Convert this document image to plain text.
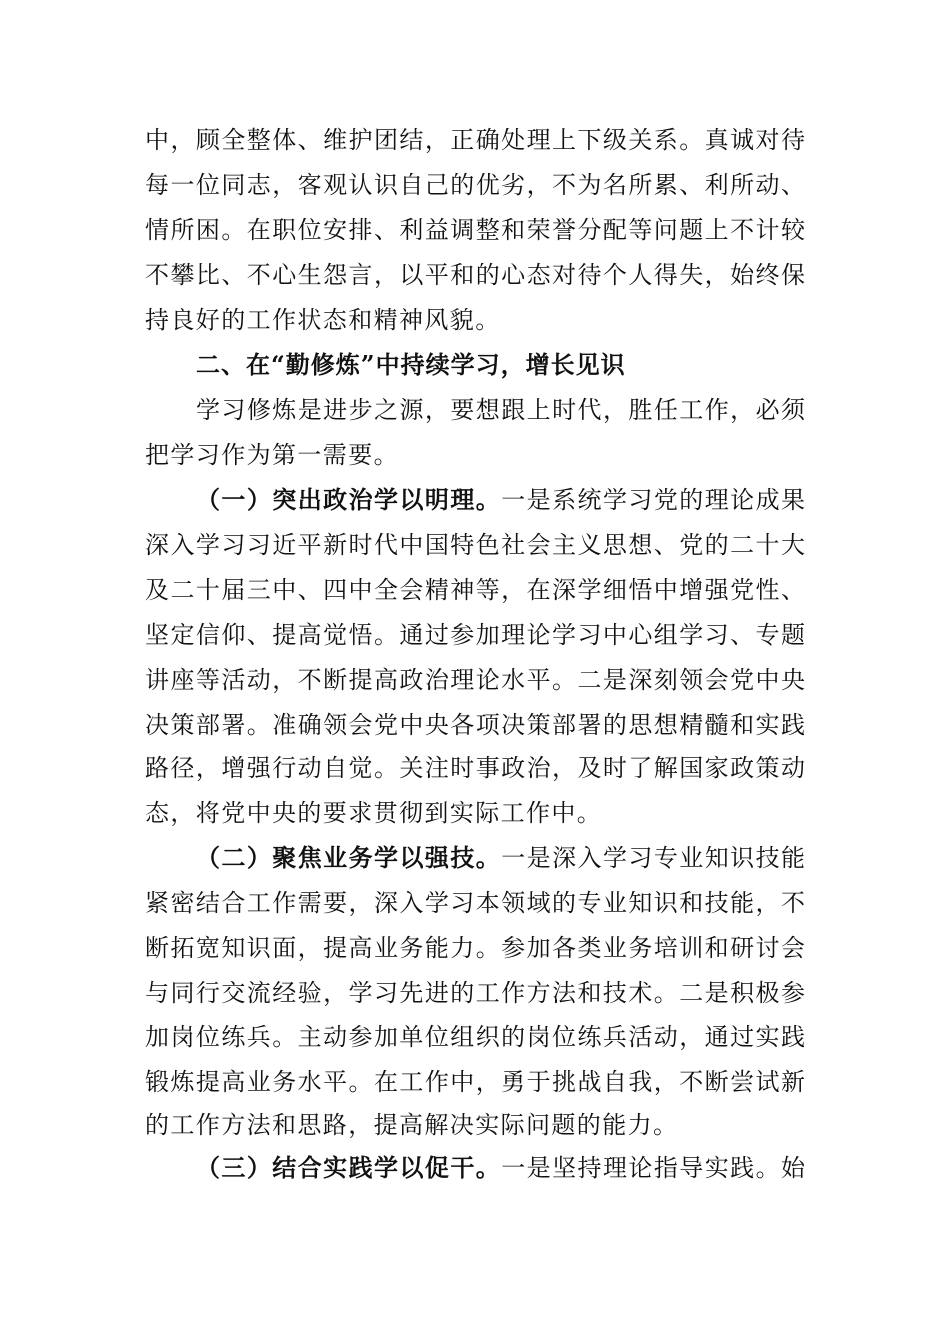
中，顾全整体、维护团结，正确处理上下级关系。真诚对待
每一位同志，客观认识自己的优劣，不为名所累、利所动、
情所困。在职位安排、利益调整和荣誉分配等问题上不计较
不攀比、不心生怨言，以平和的心态对待个人得失，始终保
持良好的工作状态和精神风貌。
二、在“勤修炼”中持续学习，增长见识
学习修炼是进步之源，要想跟上时代，胜任工作，必须
把学习作为第一需要。
（一）突出政治学以明理。一是系统学习党的理论成果
深入学习习近平新时代中国特色社会主义思想、党的二十大
及二十届三中、四中全会精神等，在深学细悟中增强党性、
坚定信仰、提高觉悟。通过参加理论学习中心组学习、专题
讲座等活动，不断提高政治理论水平。二是深刻领会党中央
决策部署。准确领会党中央各项决策部署的思想精髓和实践
路径，增强行动自觉。关注时事政治，及时了解国家政策动
态，将党中央的要求贯彻到实际工作中。
（二）聚焦业务学以强技。一是深入学习专业知识技能
紧密结合工作需要，深入学习本领域的专业知识和技能，不
断拓宽知识面，提高业务能力。参加各类业务培训和研讨会
与同行交流经验，学习先进的工作方法和技术。二是积极参
加岗位练兵。主动参加单位组织的岗位练兵活动，通过实践
锻炼提高业务水平。在工作中，勇于挑战自我，不断尝试新
的工作方法和思路，提高解决实际问题的能力。
（三）结合实践学以促干。一是坚持理论指导实践。始
